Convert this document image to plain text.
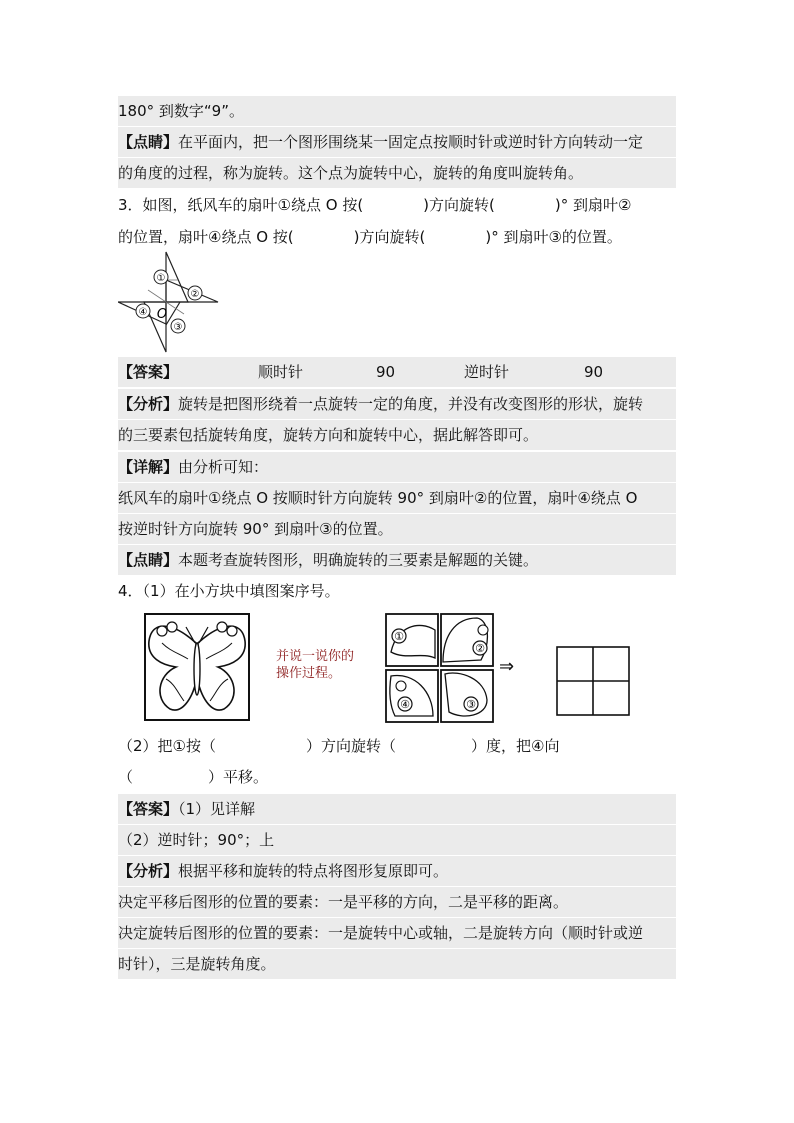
180° 到数字“9”。
【点睛】在平面内，把一个图形围绕某一固定点按顺时针或逆时针方向转动一定
的角度的过程，称为旋转。这个点为旋转中心，旋转的角度叫旋转角。
3．如图，纸风车的扇叶①绕点 O 按(　　　　)方向旋转(　　　　)° 到扇叶②
的位置，扇叶④绕点 O 按(　　　　)方向旋转(　　　　)° 到扇叶③的位置。
①
②
③
④ O
【答案】	顺时针	90	逆时针	90
【分析】旋转是把图形绕着一点旋转一定的角度，并没有改变图形的形状，旋转
的三要素包括旋转角度，旋转方向和旋转中心，据此解答即可。
【详解】由分析可知：
纸风车的扇叶①绕点 O 按顺时针方向旋转 90° 到扇叶②的位置，扇叶④绕点 O
按逆时针方向旋转 90° 到扇叶③的位置。
【点睛】本题考查旋转图形，明确旋转的三要素是解题的关键。
4．（1）在小方块中填图案序号。
并说一说你的
操作过程。
①
②
④	③
⇒
（2）把①按（　　　　　　）方向旋转（　　　　　）度，把④向
（　　　　　）平移。
【答案】（1）见详解
（2）逆时针；90°；上
【分析】根据平移和旋转的特点将图形复原即可。
决定平移后图形的位置的要素：一是平移的方向，二是平移的距离。
决定旋转后图形的位置的要素：一是旋转中心或轴，二是旋转方向（顺时针或逆
时针），三是旋转角度。
